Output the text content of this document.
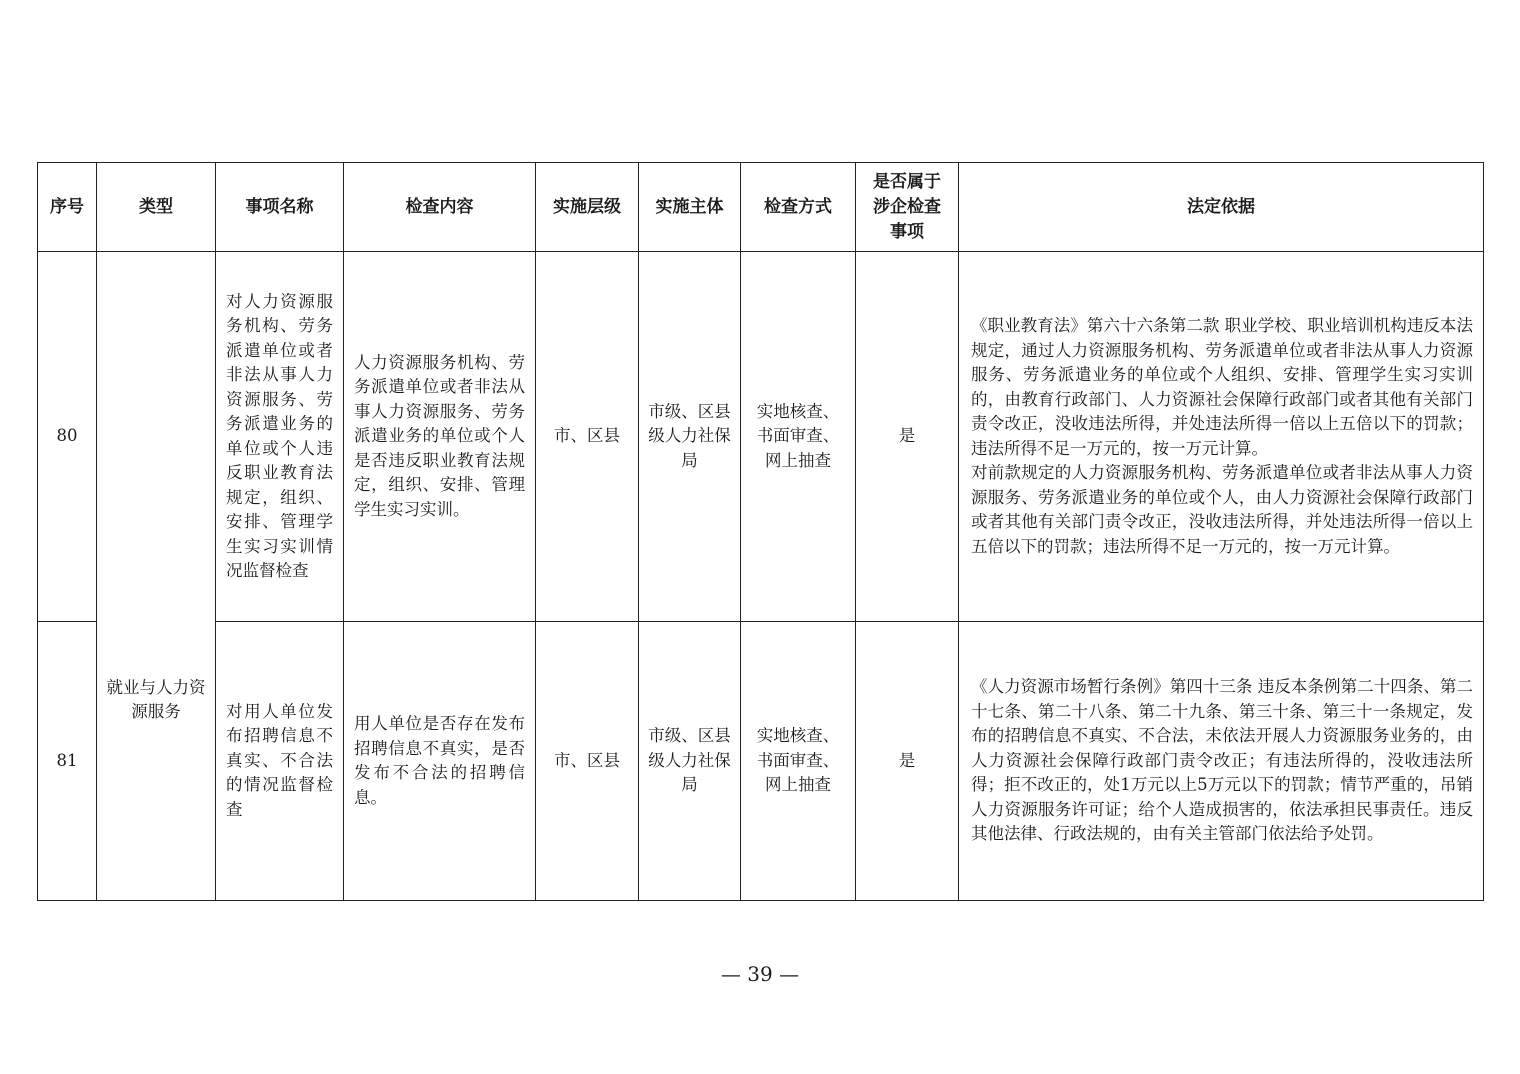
序号	类型	事项名称	检查内容	实施层级	实施主体	检查方式	是否属于涉企检查事项	法定依据
80	就业与人力资源服务	对人力资源服务机构、劳务派遣单位或者非法从事人力资源服务、劳务派遣业务的单位或个人违反职业教育法规定，组织、安排、管理学生实习实训情况监督检查	人力资源服务机构、劳务派遣单位或者非法从事人力资源服务、劳务派遣业务的单位或个人是否违反职业教育法规定，组织、安排、管理学生实习实训。	市、区县	市级、区县级人力社保局	实地核查、书面审查、网上抽查	是	《职业教育法》第六十六条第二款 职业学校、职业培训机构违反本法规定，通过人力资源服务机构、劳务派遣单位或者非法从事人力资源服务、劳务派遣业务的单位或个人组织、安排、管理学生实习实训的，由教育行政部门、人力资源社会保障行政部门或者其他有关部门责令改正，没收违法所得，并处违法所得一倍以上五倍以下的罚款；违法所得不足一万元的，按一万元计算。
对前款规定的人力资源服务机构、劳务派遣单位或者非法从事人力资源服务、劳务派遣业务的单位或个人，由人力资源社会保障行政部门或者其他有关部门责令改正，没收违法所得，并处违法所得一倍以上五倍以下的罚款；违法所得不足一万元的，按一万元计算。

81		对用人单位发布招聘信息不真实、不合法的情况监督检查	用人单位是否存在发布招聘信息不真实，是否发布不合法的招聘信息。	市、区县	市级、区县级人力社保局	实地核查、书面审查、网上抽查	是	《人力资源市场暂行条例》第四十三条 违反本条例第二十四条、第二十七条、第二十八条、第二十九条、第三十条、第三十一条规定，发布的招聘信息不真实、不合法，未依法开展人力资源服务业务的，由人力资源社会保障行政部门责令改正；有违法所得的，没收违法所得；拒不改正的，处1万元以上5万元以下的罚款；情节严重的，吊销人力资源服务许可证；给个人造成损害的，依法承担民事责任。违反其他法律、行政法规的，由有关主管部门依法给予处罚。
— 39 —
